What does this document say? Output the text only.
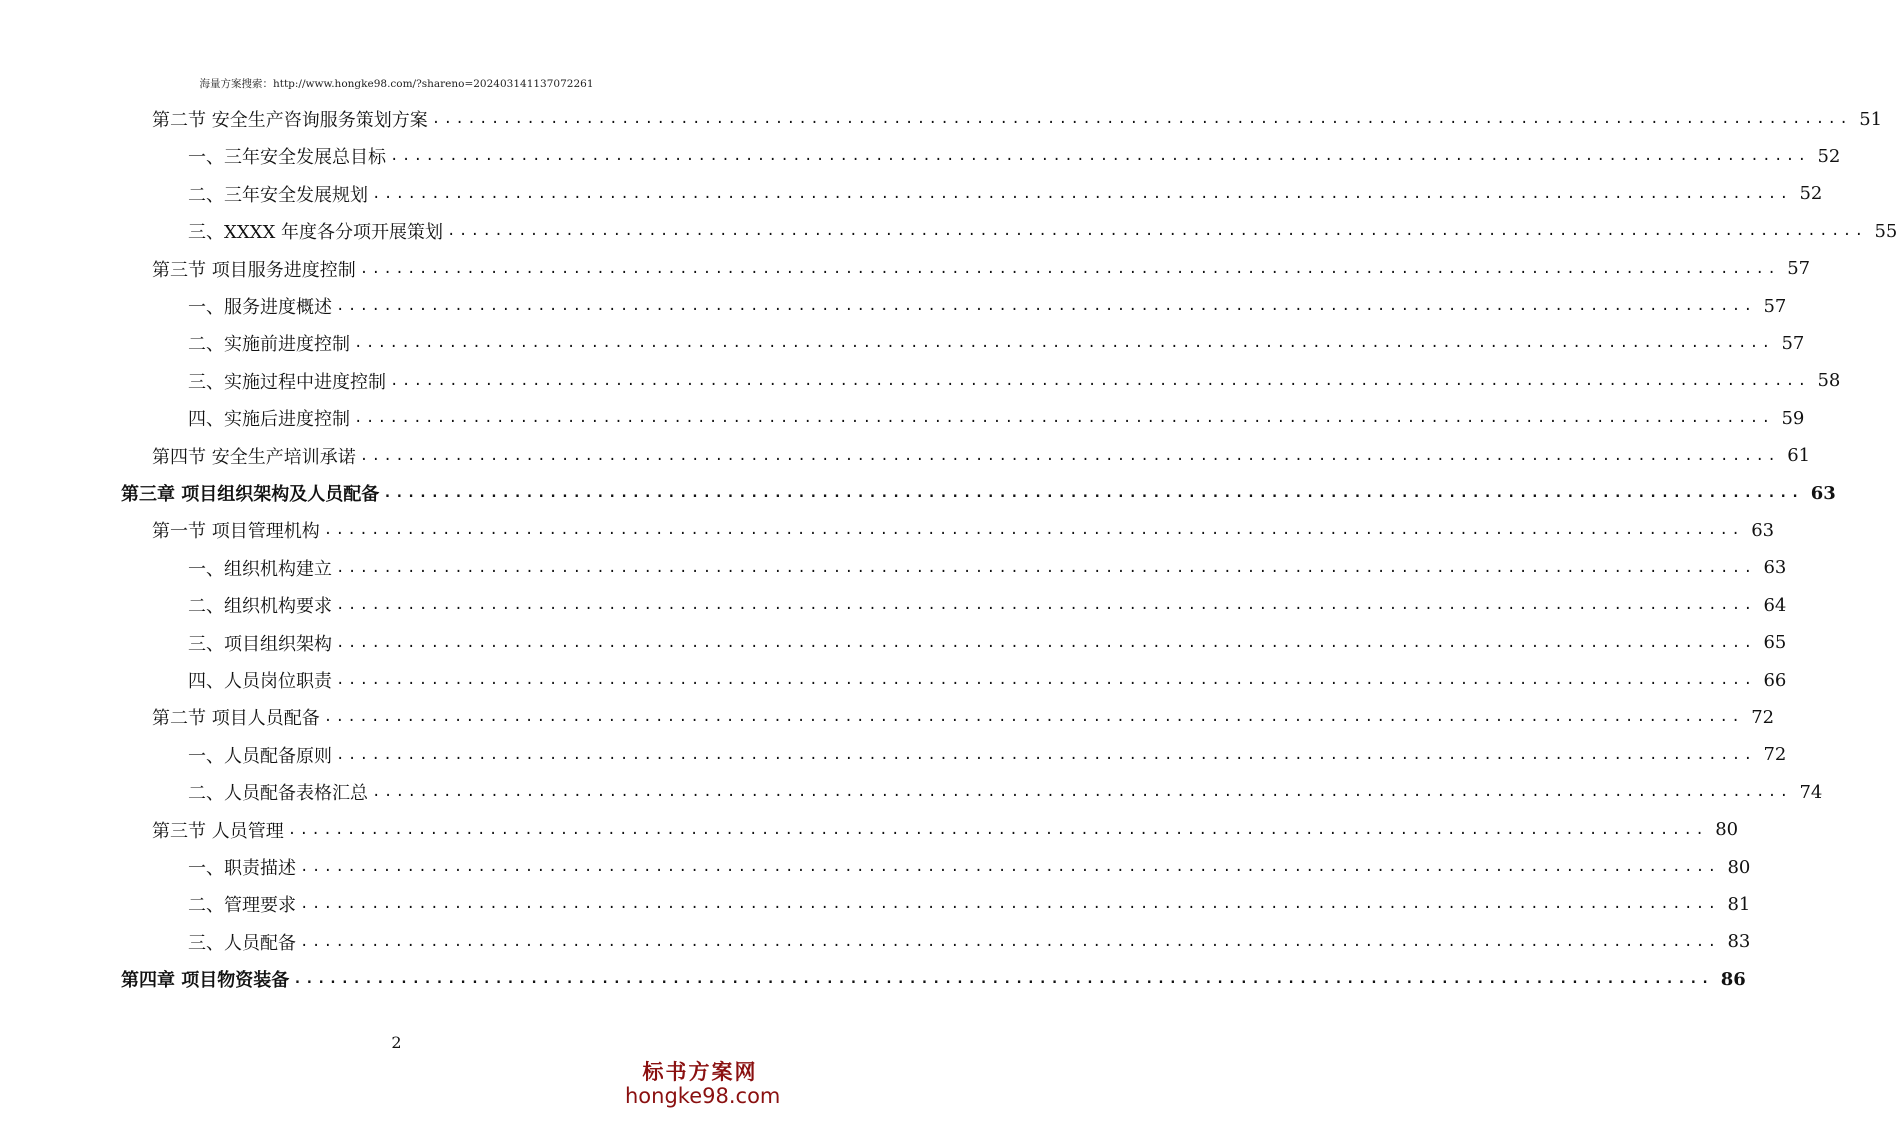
海量方案搜索：http://www.hongke98.com/?shareno=202403141137072261
第二节 安全生产咨询服务策划方案 ........................................................................................................................ 51
一、三年安全发展总目标 ........................................................................................................................ 52
二、三年安全发展规划 ........................................................................................................................ 52
三、XXXX 年度各分项开展策划 ........................................................................................................................ 55
第三节 项目服务进度控制 ........................................................................................................................ 57
一、服务进度概述 ........................................................................................................................ 57
二、实施前进度控制 ........................................................................................................................ 57
三、实施过程中进度控制 ........................................................................................................................ 58
四、实施后进度控制 ........................................................................................................................ 59
第四节 安全生产培训承诺 ........................................................................................................................ 61
第三章 项目组织架构及人员配备 ........................................................................................................................ 63
第一节 项目管理机构 ........................................................................................................................ 63
一、组织机构建立 ........................................................................................................................ 63
二、组织机构要求 ........................................................................................................................ 64
三、项目组织架构 ........................................................................................................................ 65
四、人员岗位职责 ........................................................................................................................ 66
第二节 项目人员配备 ........................................................................................................................ 72
一、人员配备原则 ........................................................................................................................ 72
二、人员配备表格汇总 ........................................................................................................................ 74
第三节 人员管理 ........................................................................................................................ 80
一、职责描述 ........................................................................................................................ 80
二、管理要求 ........................................................................................................................ 81
三、人员配备 ........................................................................................................................ 83
第四章 项目物资装备 ........................................................................................................................ 86
2
标书方案网
hongke98.com
